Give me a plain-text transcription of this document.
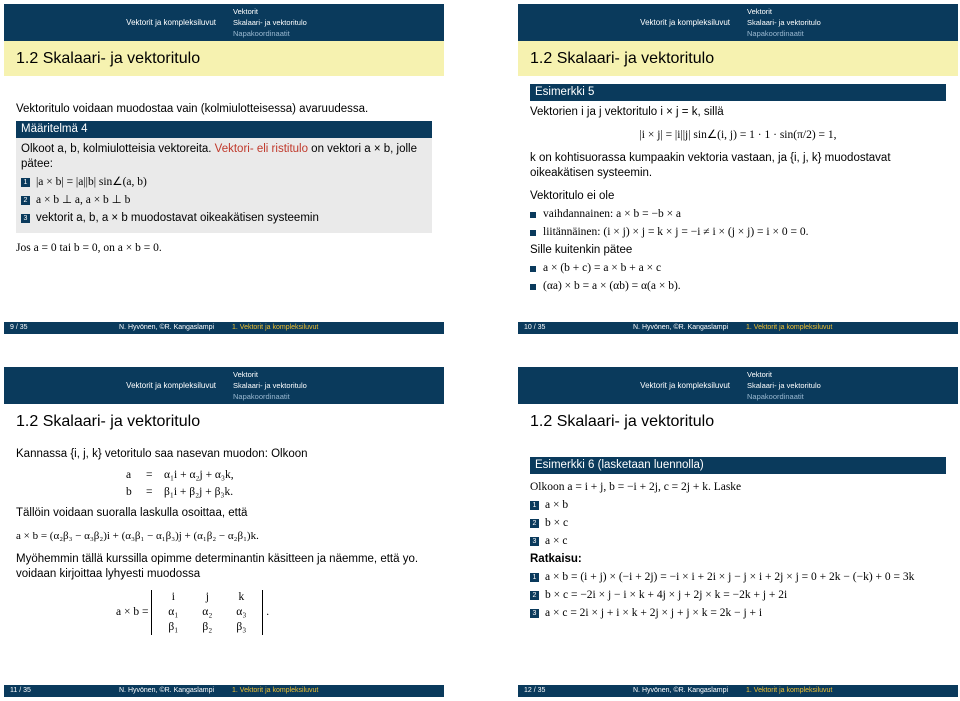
Vektorit ja kompleksiluvut
Vektorit
Skalaari- ja vektoritulo
Napakoordinaatit
1.2 Skalaari- ja vektoritulo
Vektoritulo voidaan muodostaa vain (kolmiulotteisessa) avaruudessa.
Määritelmä 4
Olkoot a, b, kolmiulotteisia vektoreita. Vektori- eli ristitulo on vektori a × b, jolle pätee:
1 |a × b| = |a||b| sin∠(a, b)
2 a × b ⊥ a, a × b ⊥ b
3 vektorit a, b, a × b muodostavat oikeakätisen systeemin
Jos a = 0 tai b = 0, on a × b = 0.
9 / 35	N. Hyvönen, ©R. Kangaslampi	1. Vektorit ja kompleksiluvut
Vektorit ja kompleksiluvut
Vektorit
Skalaari- ja vektoritulo
Napakoordinaatit
1.2 Skalaari- ja vektoritulo
Esimerkki 5
Vektorien i ja j vektoritulo i × j = k, sillä
|i × j| = |i||j| sin∠(i, j) = 1 · 1 · sin(π/2) = 1,
k on kohtisuorassa kumpaakin vektoria vastaan, ja {i, j, k} muodostavat oikeakätisen systeemin.
Vektoritulo ei ole
vaihdannainen: a × b = −b × a
liitännäinen: (i × j) × j = k × j = −i ≠ i × (j × j) = i × 0 = 0.
Sille kuitenkin pätee
a × (b + c) = a × b + a × c
(αa) × b = a × (αb) = α(a × b).
10 / 35	N. Hyvönen, ©R. Kangaslampi	1. Vektorit ja kompleksiluvut
Vektorit ja kompleksiluvut
Vektorit
Skalaari- ja vektoritulo
Napakoordinaatit
1.2 Skalaari- ja vektoritulo
Kannassa {i, j, k} vetoritulo saa nasevan muodon: Olkoon
a	=	α₁i + α₂j + α₃k,
b	=	β₁i + β₂j + β₃k.
Tällöin voidaan suoralla laskulla osoittaa, että
a × b = (α₂β₃ − α₃β₂)i + (α₃β₁ − α₁β₃)j + (α₁β₂ − α₂β₁)k.
Myöhemmin tällä kurssilla opimme determinantin käsitteen ja näemme, että yo. voidaan kirjoittaa lyhyesti muodossa
a × b =
i	j	k
α₁	α₂	α₃
β₁	β₂	β₃
.
11 / 35	N. Hyvönen, ©R. Kangaslampi	1. Vektorit ja kompleksiluvut
Vektorit ja kompleksiluvut
Vektorit
Skalaari- ja vektoritulo
Napakoordinaatit
1.2 Skalaari- ja vektoritulo
Esimerkki 6 (lasketaan luennolla)
Olkoon a = i + j, b = −i + 2j, c = 2j + k. Laske
1 a × b
2 b × c
3 a × c
Ratkaisu:
1 a × b = (i + j) × (−i + 2j) = −i × i + 2i × j − j × i + 2j × j = 0 + 2k − (−k) + 0 = 3k
2 b × c = −2i × j − i × k + 4j × j + 2j × k = −2k + j + 2i
3 a × c = 2i × j + i × k + 2j × j + j × k = 2k − j + i
12 / 35	N. Hyvönen, ©R. Kangaslampi	1. Vektorit ja kompleksiluvut
